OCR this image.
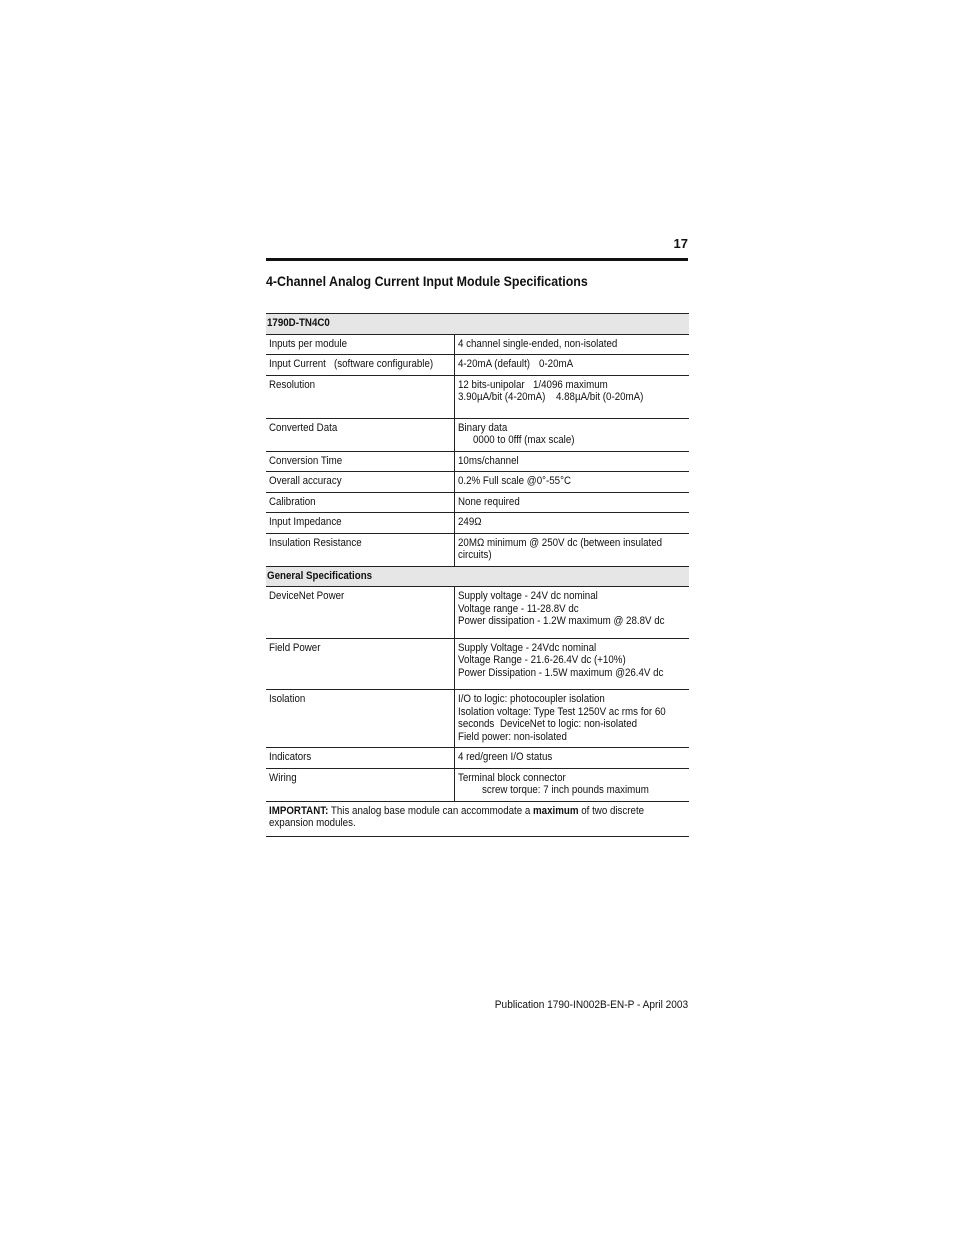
17
4-Channel Analog Current Input Module Specifications
1790D-TN4C0	
Inputs per module	4 channel single-ended, non-isolated
Input Current (software configurable)	4-20mA (default) 0-20mA
Resolution	12 bits-unipolar 1/4096 maximum 3.90µA/bit (4-20mA) 4.88µA/bit (0-20mA)

Converted Data	Binary data
0000 to 0fff (max scale)

Conversion Time	10ms/channel
Overall accuracy	0.2% Full scale @0°-55°C
Calibration	None required
Input Impedance	249Ω
Insulation Resistance	20MΩ minimum @ 250V dc (between insulated circuits)
General Specifications	
DeviceNet Power	Supply voltage - 24V dc nominal Voltage range - 11-28.8V dc Power dissipation - 1.2W maximum @ 28.8V dc

Field Power	Supply Voltage - 24Vdc nominal Voltage Range - 21.6-26.4V dc (+10%) Power Dissipation - 1.5W maximum @26.4V dc

Isolation	I/O to logic: photocoupler isolation Isolation voltage: Type Test 1250V ac rms for 60 seconds DeviceNet to logic: non-isolated Field power: non-isolated
Indicators	4 red/green I/O status
Wiring	Terminal block connector
screw torque: 7 inch pounds maximum

IMPORTANT: This analog base module can accommodate a maximum of two discrete expansion modules.	
Publication 1790-IN002B-EN-P - April 2003
